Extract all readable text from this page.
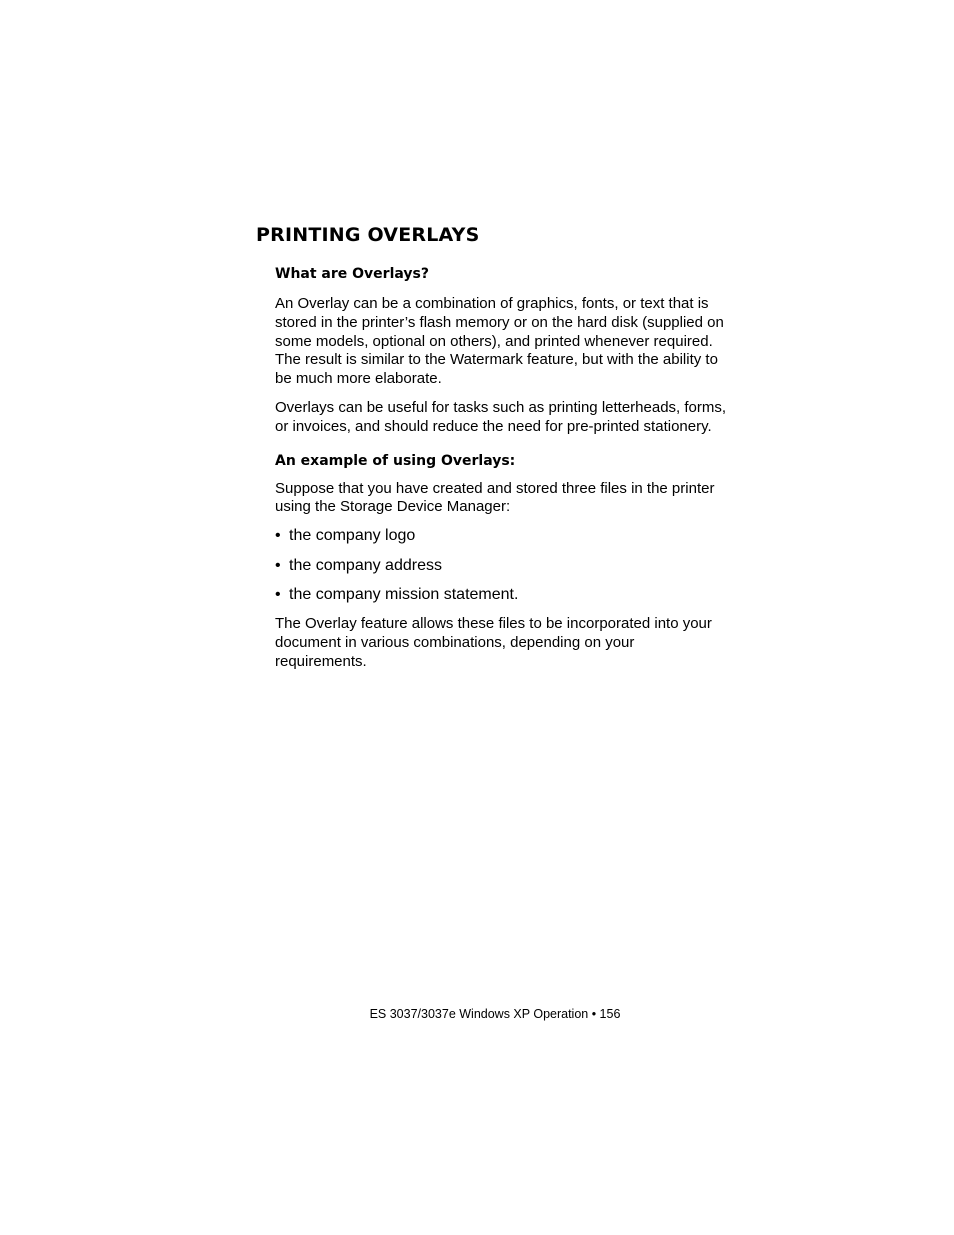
PRINTING OVERLAYS
What are Overlays?

An Overlay can be a combination of graphics, fonts, or text that is
stored in the printer’s flash memory or on the hard disk (supplied on
some models, optional on others), and printed whenever required.
The result is similar to the Watermark feature, but with the ability to
be much more elaborate.

Overlays can be useful for tasks such as printing letterheads, forms,
or invoices, and should reduce the need for pre-printed stationery.

An example of using Overlays:

Suppose that you have created and stored three files in the printer
using the Storage Device Manager:

• the company logo
• the company address
• the company mission statement.

The Overlay feature allows these files to be incorporated into your
document in various combinations, depending on your
requirements.

ES 3037/3037e Windows XP Operation • 156
